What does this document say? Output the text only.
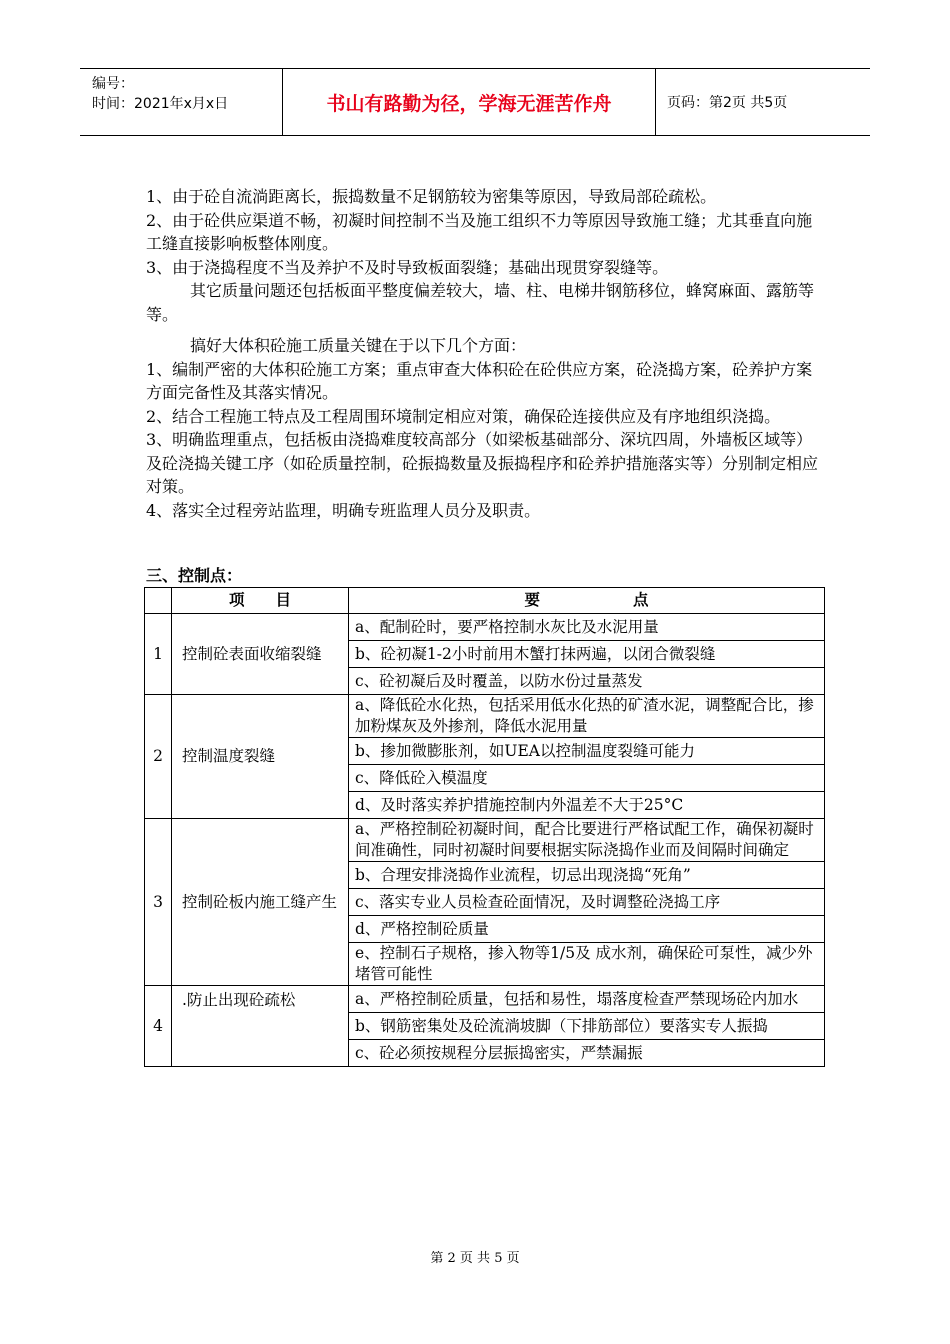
编号：
时间：2021年x月x日	书山有路勤为径，学海无涯苦作舟	页码：第2页 共5页

1、由于砼自流淌距离长，振捣数量不足钢筋较为密集等原因，导致局部砼疏松。

2、由于砼供应渠道不畅，初凝时间控制不当及施工组织不力等原因导致施工缝；尤其垂直向施工缝直接影响板整体刚度。

3、由于浇捣程度不当及养护不及时导致板面裂缝；基础出现贯穿裂缝等。

其它质量问题还包括板面平整度偏差较大，墙、柱、电梯井钢筋移位，蜂窝麻面、露筋等等。

搞好大体积砼施工质量关键在于以下几个方面：

1、编制严密的大体积砼施工方案；重点审查大体积砼在砼供应方案，砼浇捣方案，砼养护方案方面完备性及其落实情况。

2、结合工程施工特点及工程周围环境制定相应对策，确保砼连接供应及有序地组织浇捣。

3、明确监理重点，包括板由浇捣难度较高部分（如梁板基础部分、深坑四周，外墙板区域等）及砼浇捣关键工序（如砼质量控制，砼振捣数量及振捣程序和砼养护措施落实等）分别制定相应对策。

4、落实全过程旁站监理，明确专班监理人员分及职责。

三、控制点：
	项　　目	要　　　　　　点
1	控制砼表面收缩裂缝	a、配制砼时，要严格控制水灰比及水泥用量
		b、砼初凝1-2小时前用木蟹打抹两遍，以闭合微裂缝
		c、砼初凝后及时覆盖，以防水份过量蒸发
2	控制温度裂缝	a、降低砼水化热，包括采用低水化热的矿渣水泥，调整配合比，掺加粉煤灰及外掺剂，降低水泥用量
		b、掺加微膨胀剂，如UEA以控制温度裂缝可能力
		c、降低砼入模温度
		d、及时落实养护措施控制内外温差不大于25°C
3	控制砼板内施工缝产生	a、严格控制砼初凝时间，配合比要进行严格试配工作，确保初凝时间准确性，同时初凝时间要根据实际浇捣作业而及间隔时间确定
		b、合理安排浇捣作业流程，切忌出现浇捣“死角”
		c、落实专业人员检查砼面情况，及时调整砼浇捣工序
		d、严格控制砼质量
		e、控制石子规格，掺入物等1/5及 成水剂，确保砼可泵性，减少外堵管可能性
4	.防止出现砼疏松	a、严格控制砼质量，包括和易性，塌落度检查严禁现场砼内加水
		b、钢筋密集处及砼流淌坡脚（下排筋部位）要落实专人振捣
		c、砼必须按规程分层振捣密实，严禁漏振
第 2 页 共 5 页
